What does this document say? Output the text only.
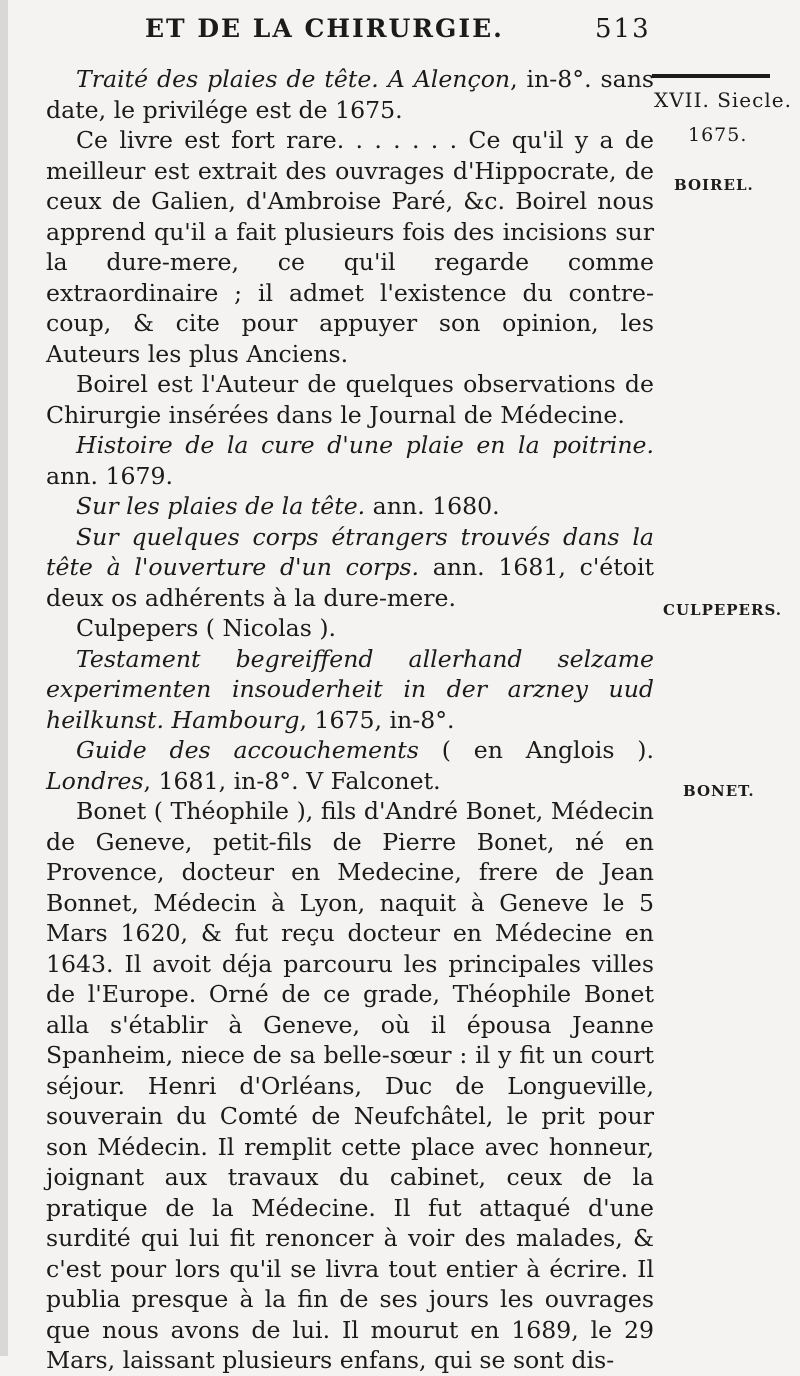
ET DE LA CHIRURGIE.	513
XVII. Siecle.
1675.
BOIREL.
CULPEPERS.
BONET.

Traité des plaies de tête. A Alençon, in-8°. sans date, le privilége est de 1675.

Ce livre est fort rare. . . . . . . Ce qu'il y a de meilleur est extrait des ouvrages d'Hippocrate, de ceux de Galien, d'Ambroise Paré, &c. Boirel nous apprend qu'il a fait plusieurs fois des incisions sur la dure-mere, ce qu'il regarde comme extraordinaire ; il admet l'existence du contre-coup, & cite pour appuyer son opinion, les Auteurs les plus Anciens.

Boirel est l'Auteur de quelques observations de Chirurgie insérées dans le Journal de Médecine.

Histoire de la cure d'une plaie en la poitrine. ann. 1679.

Sur les plaies de la tête. ann. 1680.

Sur quelques corps étrangers trouvés dans la tête à l'ouverture d'un corps. ann. 1681, c'étoit deux os adhérents à la dure-mere.

Culpepers ( Nicolas ).

Testament begreiffend allerhand selzame experimenten insouderheit in der arzney uud heilkunst. Hambourg, 1675, in-8°.

Guide des accouchements ( en Anglois ). Londres, 1681, in-8°. V Falconet.

Bonet ( Théophile ), fils d'André Bonet, Médecin de Geneve, petit-fils de Pierre Bonet, né en Provence, docteur en Medecine, frere de Jean Bonnet, Médecin à Lyon, naquit à Geneve le 5 Mars 1620, & fut reçu docteur en Médecine en 1643. Il avoit déja parcouru les principales villes de l'Europe. Orné de ce grade, Théophile Bonet alla s'établir à Geneve, où il épousa Jeanne Spanheim, niece de sa belle-sœur : il y fit un court séjour. Henri d'Orléans, Duc de Longueville, souverain du Comté de Neufchâtel, le prit pour son Médecin. Il remplit cette place avec honneur, joignant aux travaux du cabinet, ceux de la pratique de la Médecine. Il fut attaqué d'une surdité qui lui fit renoncer à voir des malades, & c'est pour lors qu'il se livra tout entier à écrire. Il publia presque à la fin de ses jours les ouvrages que nous avons de lui. Il mourut en 1689, le 29 Mars, laissant plusieurs enfans, qui se sont dis-
